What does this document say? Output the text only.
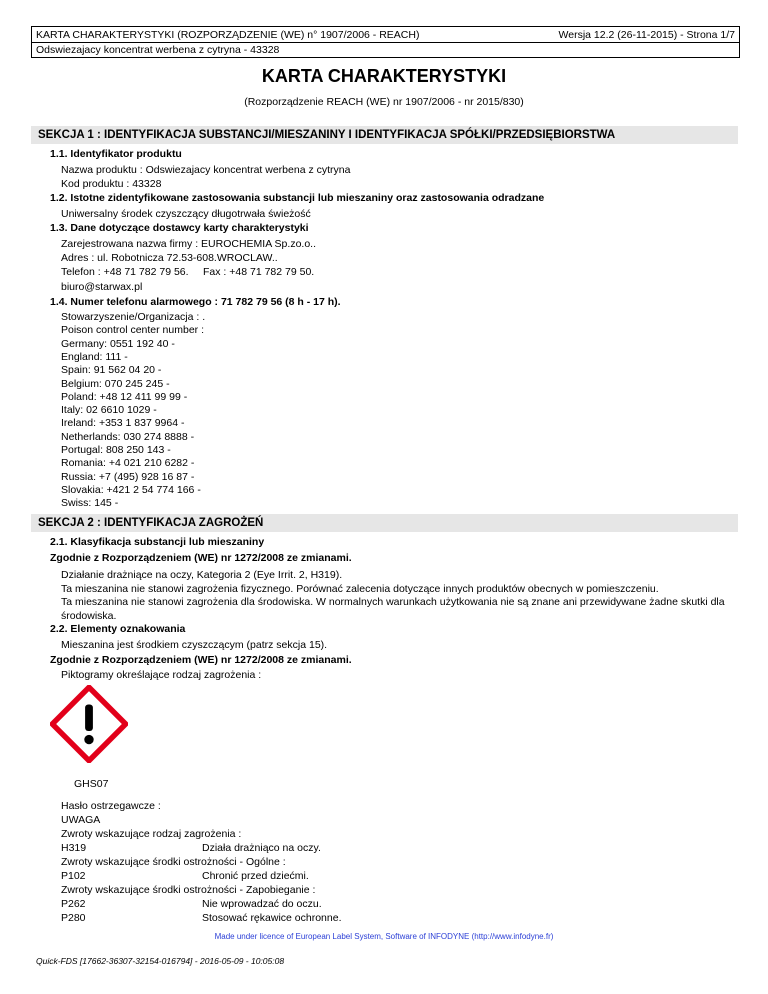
KARTA CHARAKTERYSTYKI (ROZPORZĄDZENIE (WE) n° 1907/2006 - REACH)	Wersja 12.2 (26-11-2015) - Strona 1/7
Odswiezajacy koncentrat werbena z cytryna - 43328
KARTA CHARAKTERYSTYKI
(Rozporządzenie REACH (WE) nr 1907/2006 - nr 2015/830)
SEKCJA 1 : IDENTYFIKACJA SUBSTANCJI/MIESZANINY I IDENTYFIKACJA SPÓŁKI/PRZEDSIĘBIORSTWA
1.1. Identyfikator produktu
Nazwa produktu : Odswiezajacy koncentrat werbena z cytryna
Kod produktu : 43328
1.2. Istotne zidentyfikowane zastosowania substancji lub mieszaniny oraz zastosowania odradzane
Uniwersalny środek czyszczący długotrwała świeżość
1.3. Dane dotyczące dostawcy karty charakterystyki
Zarejestrowana nazwa firmy : EUROCHEMIA Sp.zo.o..
Adres : ul. Robotnicza 72.53-608.WROCLAW..
Telefon : +48 71 782 79 56. Fax : +48 71 782 79 50.
biuro@starwax.pl
1.4. Numer telefonu alarmowego : 71 782 79 56 (8 h - 17 h).
Stowarzyszenie/Organizacja : .
Poison control center number :
Germany: 0551 192 40 -
England: 111 -
Spain: 91 562 04 20 -
Belgium: 070 245 245 -
Poland: +48 12 411 99 99 -
Italy: 02 6610 1029 -
Ireland: +353 1 837 9964 -
Netherlands: 030 274 8888 -
Portugal: 808 250 143 -
Romania: +4 021 210 6282 -
Russia: +7 (495) 928 16 87 -
Slovakia: +421 2 54 774 166 -
Swiss: 145 -
SEKCJA 2 : IDENTYFIKACJA ZAGROŻEŃ
2.1. Klasyfikacja substancji lub mieszaniny
Zgodnie z Rozporządzeniem (WE) nr 1272/2008 ze zmianami.
Działanie drażniące na oczy, Kategoria 2 (Eye Irrit. 2, H319).
Ta mieszanina nie stanowi zagrożenia fizycznego. Porównać zalecenia dotyczące innych produktów obecnych w pomieszczeniu.
Ta mieszanina nie stanowi zagrożenia dla środowiska. W normalnych warunkach użytkowania nie są znane ani przewidywane żadne skutki dla
środowiska.
2.2. Elementy oznakowania
Mieszanina jest środkiem czyszczącym (patrz sekcja 15).
Zgodnie z Rozporządzeniem (WE) nr 1272/2008 ze zmianami.
Piktogramy określające rodzaj zagrożenia :
GHS07
Hasło ostrzegawcze :
UWAGA
Zwroty wskazujące rodzaj zagrożenia :
H319	Działa drażniąco na oczy.
Zwroty wskazujące środki ostrożności - Ogólne :
P102	Chronić przed dziećmi.
Zwroty wskazujące środki ostrożności - Zapobieganie :
P262	Nie wprowadzać do oczu.
P280	Stosować rękawice ochronne.
Made under licence of European Label System, Software of INFODYNE (http://www.infodyne.fr)
Quick-FDS [17662-36307-32154-016794] - 2016-05-09 - 10:05:08
